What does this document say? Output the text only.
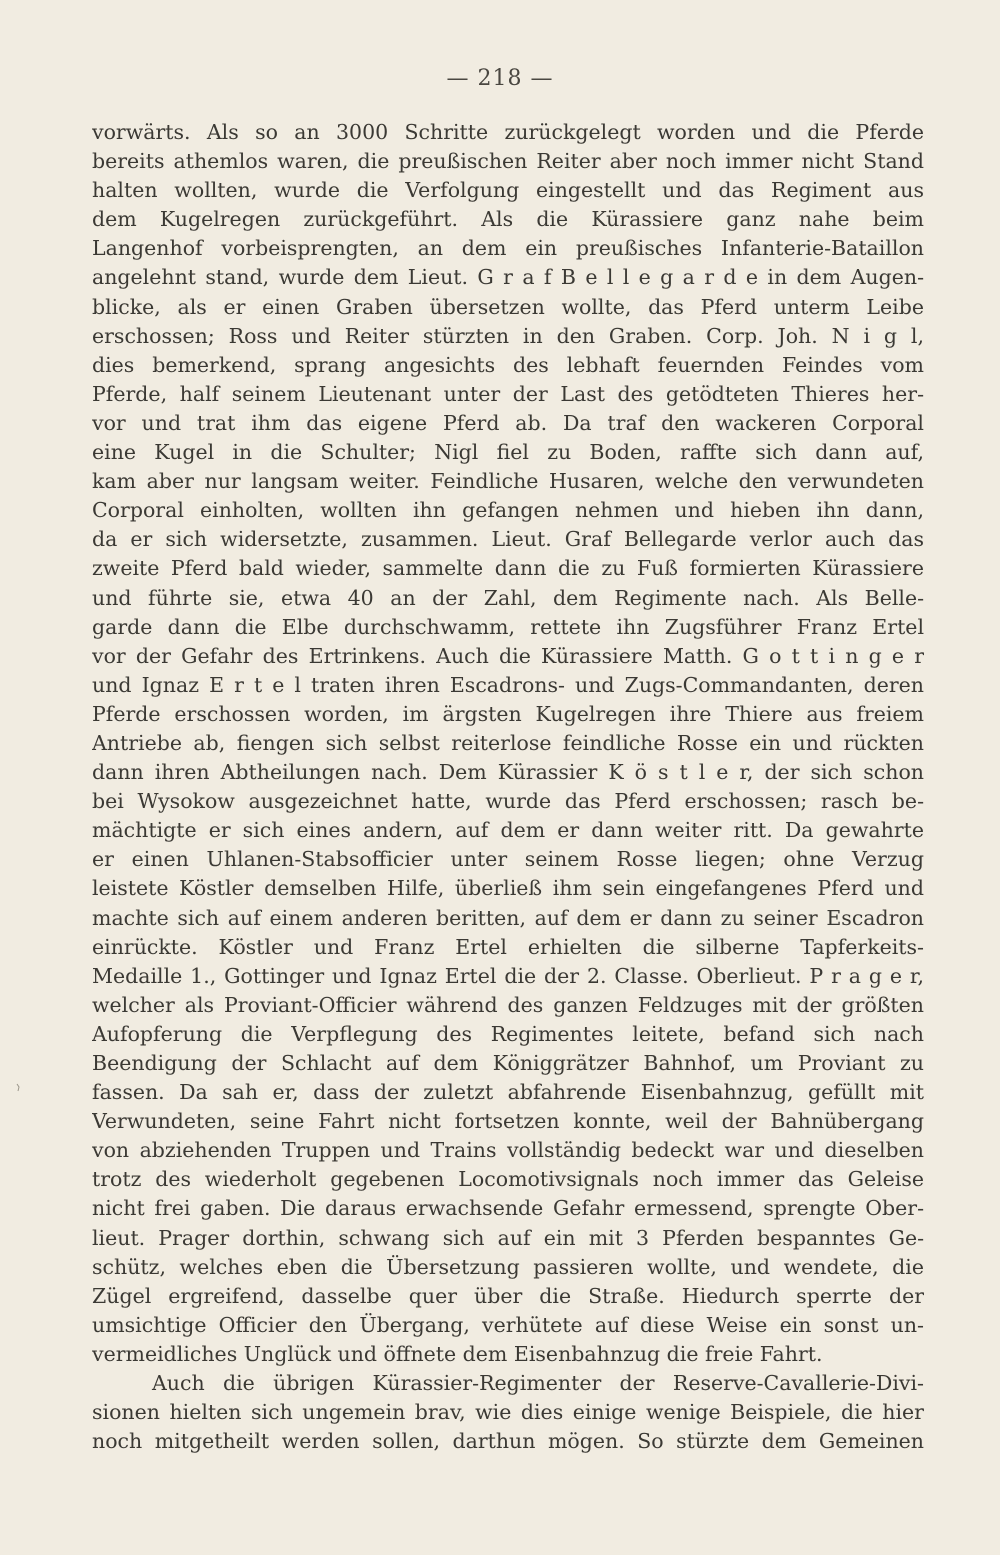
— 218 —
vorwärts. Als so an 3000 Schritte zurückgelegt worden und die Pferde
bereits athemlos waren, die preußischen Reiter aber noch immer nicht Stand
halten wollten, wurde die Verfolgung eingestellt und das Regiment aus
dem Kugelregen zurückgeführt. Als die Kürassiere ganz nahe beim
Langenhof vorbeisprengten, an dem ein preußisches Infanterie-Bataillon
angelehnt stand, wurde dem Lieut. G r a f B e l l e g a r d e in dem Augen-
blicke, als er einen Graben übersetzen wollte, das Pferd unterm Leibe
erschossen; Ross und Reiter stürzten in den Graben. Corp. Joh. N i g l,
dies bemerkend, sprang angesichts des lebhaft feuernden Feindes vom
Pferde, half seinem Lieutenant unter der Last des getödteten Thieres her-
vor und trat ihm das eigene Pferd ab. Da traf den wackeren Corporal
eine Kugel in die Schulter; Nigl fiel zu Boden, raffte sich dann auf,
kam aber nur langsam weiter. Feindliche Husaren, welche den verwundeten
Corporal einholten, wollten ihn gefangen nehmen und hieben ihn dann,
da er sich widersetzte, zusammen. Lieut. Graf Bellegarde verlor auch das
zweite Pferd bald wieder, sammelte dann die zu Fuß formierten Kürassiere
und führte sie, etwa 40 an der Zahl, dem Regimente nach. Als Belle-
garde dann die Elbe durchschwamm, rettete ihn Zugsführer Franz Ertel
vor der Gefahr des Ertrinkens. Auch die Kürassiere Matth. G o t t i n g e r
und Ignaz E r t e l traten ihren Escadrons- und Zugs-Commandanten, deren
Pferde erschossen worden, im ärgsten Kugelregen ihre Thiere aus freiem
Antriebe ab, fiengen sich selbst reiterlose feindliche Rosse ein und rückten
dann ihren Abtheilungen nach. Dem Kürassier K ö s t l e r, der sich schon
bei Wysokow ausgezeichnet hatte, wurde das Pferd erschossen; rasch be-
mächtigte er sich eines andern, auf dem er dann weiter ritt. Da gewahrte
er einen Uhlanen-Stabsofficier unter seinem Rosse liegen; ohne Verzug
leistete Köstler demselben Hilfe, überließ ihm sein eingefangenes Pferd und
machte sich auf einem anderen beritten, auf dem er dann zu seiner Escadron
einrückte. Köstler und Franz Ertel erhielten die silberne Tapferkeits-
Medaille 1., Gottinger und Ignaz Ertel die der 2. Classe. Oberlieut. P r a g e r,
welcher als Proviant-Officier während des ganzen Feldzuges mit der größten
Aufopferung die Verpflegung des Regimentes leitete, befand sich nach
Beendigung der Schlacht auf dem Königgrätzer Bahnhof, um Proviant zu
fassen. Da sah er, dass der zuletzt abfahrende Eisenbahnzug, gefüllt mit
Verwundeten, seine Fahrt nicht fortsetzen konnte, weil der Bahnübergang
von abziehenden Truppen und Trains vollständig bedeckt war und dieselben
trotz des wiederholt gegebenen Locomotivsignals noch immer das Geleise
nicht frei gaben. Die daraus erwachsende Gefahr ermessend, sprengte Ober-
lieut. Prager dorthin, schwang sich auf ein mit 3 Pferden bespanntes Ge-
schütz, welches eben die Übersetzung passieren wollte, und wendete, die
Zügel ergreifend, dasselbe quer über die Straße. Hiedurch sperrte der
umsichtige Officier den Übergang, verhütete auf diese Weise ein sonst un-
vermeidliches Unglück und öffnete dem Eisenbahnzug die freie Fahrt.
Auch die übrigen Kürassier-Regimenter der Reserve-Cavallerie-Divi-
sionen hielten sich ungemein brav, wie dies einige wenige Beispiele, die hier
noch mitgetheilt werden sollen, darthun mögen. So stürzte dem Gemeinen
